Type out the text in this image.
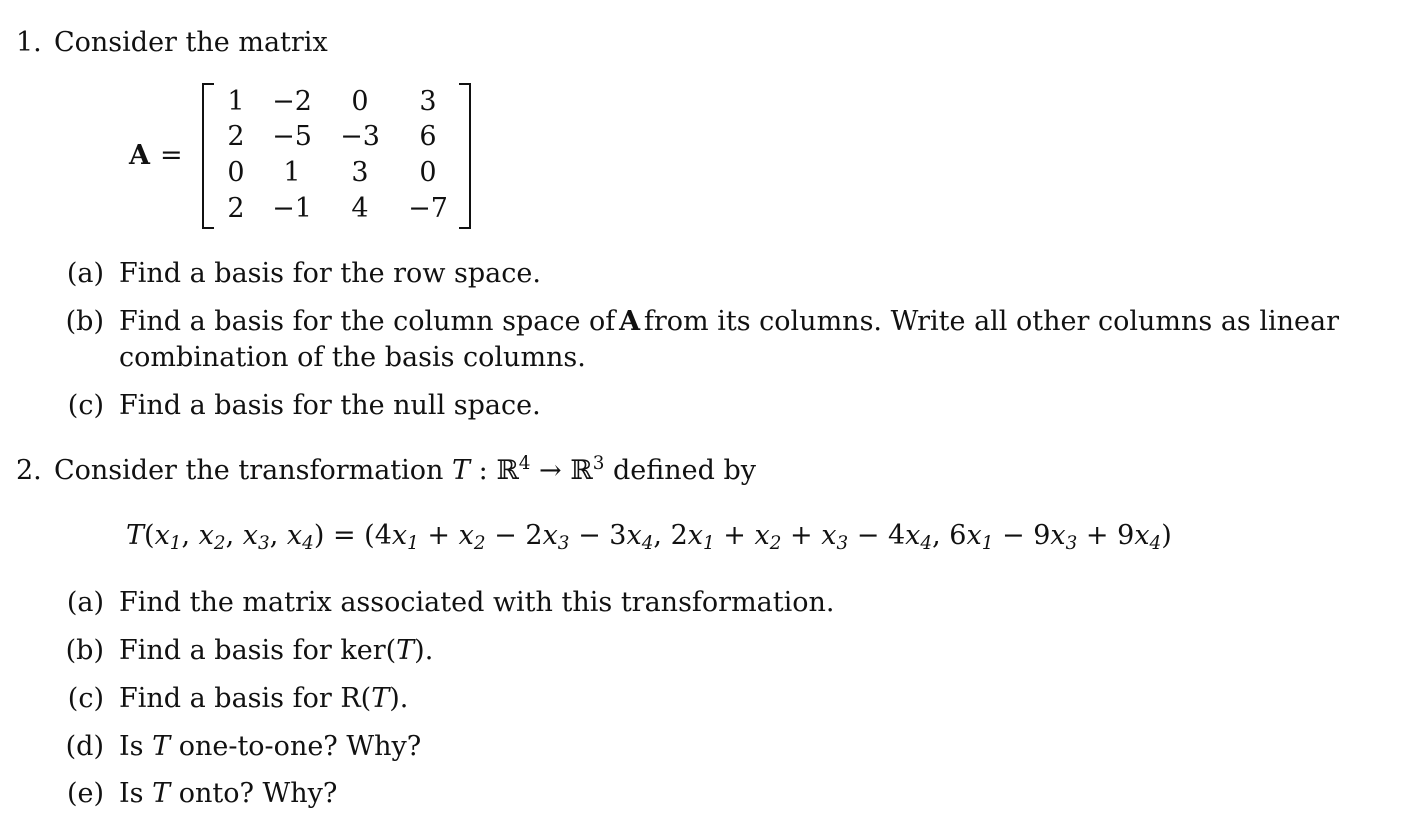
1. Consider the matrix
A =
1	−2	0	3
2	−5	−3	6
0	1	3	0
2	−1	4	−7
(a) Find a basis for the row space.
(b) Find a basis for the column space of A from its columns. Write all other columns as linear
combination of the basis columns.
(c) Find a basis for the null space.
2. Consider the transformation T : ℝ$^4$ → ℝ$^3$ defined by
$T(x_1$, $x_2$, $x_3$, $x_4) = (4x_1 + x_2 - 2x_3 - 3x_4$, $2x_1 + x_2 + x_3 - 4x_4$, $6x_1 - 9x_3 + 9x_4$)
(a) Find the matrix associated with this transformation.
(b) Find a basis for ker(T).
(c) Find a basis for R(T).
(d) Is T one-to-one? Why?
(e) Is T onto? Why?
